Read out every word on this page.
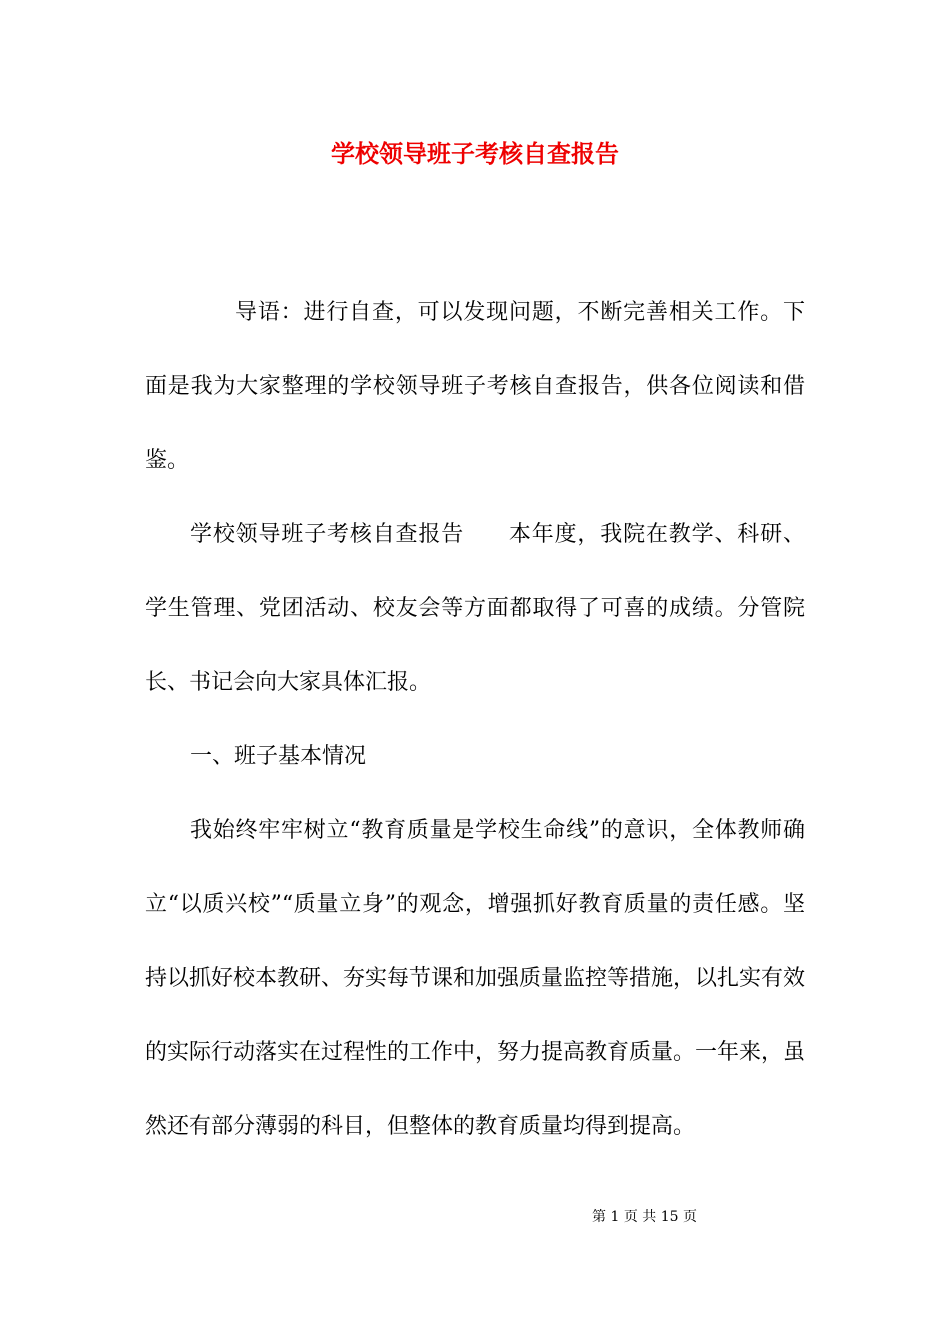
学校领导班子考核自查报告

导语：进行自查，可以发现问题，不断完善相关工作。下面是我为大家整理的学校领导班子考核自查报告，供各位阅读和借鉴。

学校领导班子考核自查报告 本年度，我院在教学、科研、学生管理、党团活动、校友会等方面都取得了可喜的成绩。分管院长、书记会向大家具体汇报。

一、班子基本情况

我始终牢牢树立“教育质量是学校生命线”的意识，全体教师确立“以质兴校”“质量立身”的观念，增强抓好教育质量的责任感。坚持以抓好校本教研、夯实每节课和加强质量监控等措施，以扎实有效的实际行动落实在过程性的工作中，努力提高教育质量。一年来，虽然还有部分薄弱的科目，但整体的教育质量均得到提高。

第 1 页 共 15 页
